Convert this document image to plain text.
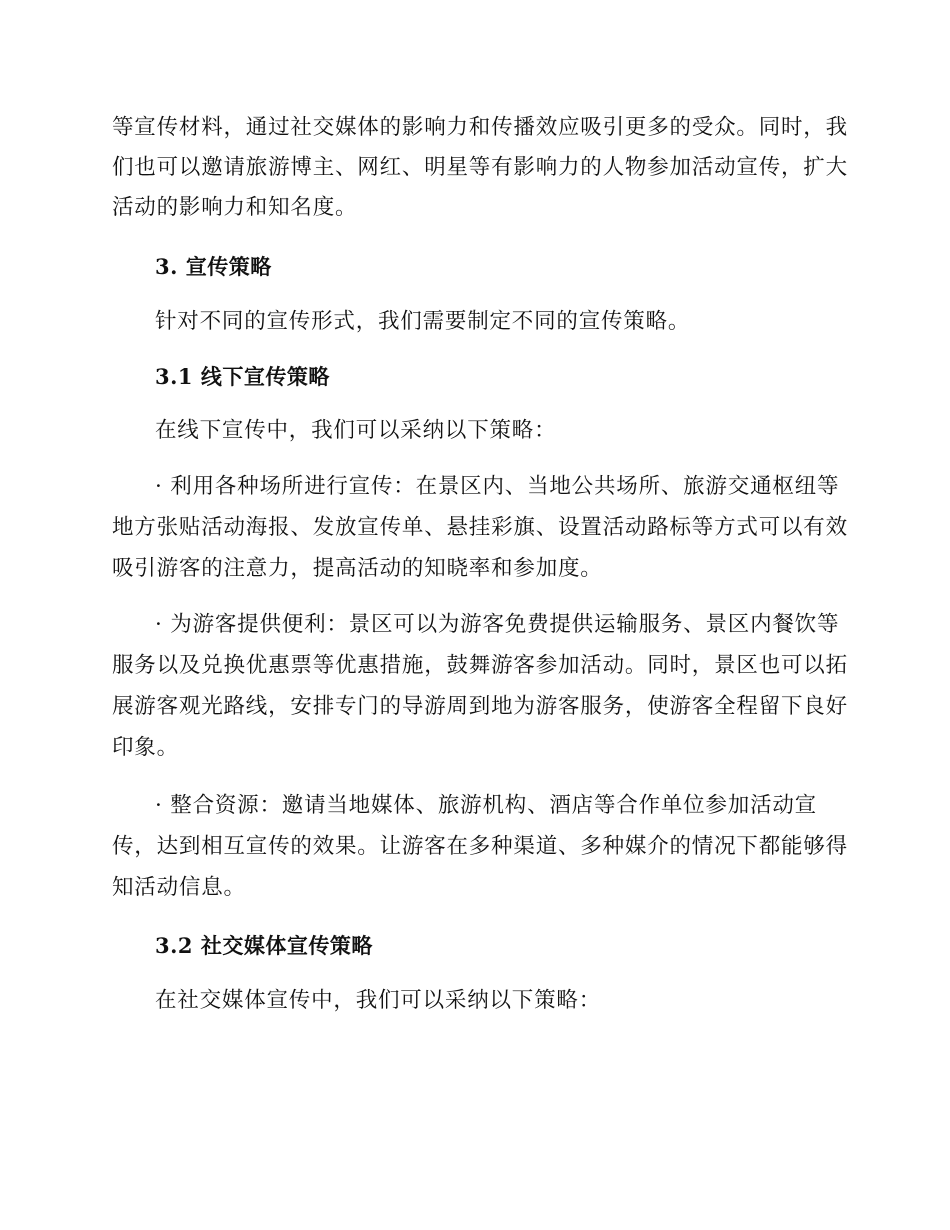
等宣传材料，通过社交媒体的影响力和传播效应吸引更多的受众。同时，我

们也可以邀请旅游博主、网红、明星等有影响力的人物参加活动宣传，扩大

活动的影响力和知名度。

3. 宣传策略

针对不同的宣传形式，我们需要制定不同的宣传策略。

3.1 线下宣传策略

在线下宣传中，我们可以采纳以下策略：

· 利用各种场所进行宣传：在景区内、当地公共场所、旅游交通枢纽等

地方张贴活动海报、发放宣传单、悬挂彩旗、设置活动路标等方式可以有效

吸引游客的注意力，提高活动的知晓率和参加度。

· 为游客提供便利：景区可以为游客免费提供运输服务、景区内餐饮等

服务以及兑换优惠票等优惠措施，鼓舞游客参加活动。同时，景区也可以拓

展游客观光路线，安排专门的导游周到地为游客服务，使游客全程留下良好

印象。

· 整合资源：邀请当地媒体、旅游机构、酒店等合作单位参加活动宣

传，达到相互宣传的效果。让游客在多种渠道、多种媒介的情况下都能够得

知活动信息。

3.2 社交媒体宣传策略

在社交媒体宣传中，我们可以采纳以下策略：
